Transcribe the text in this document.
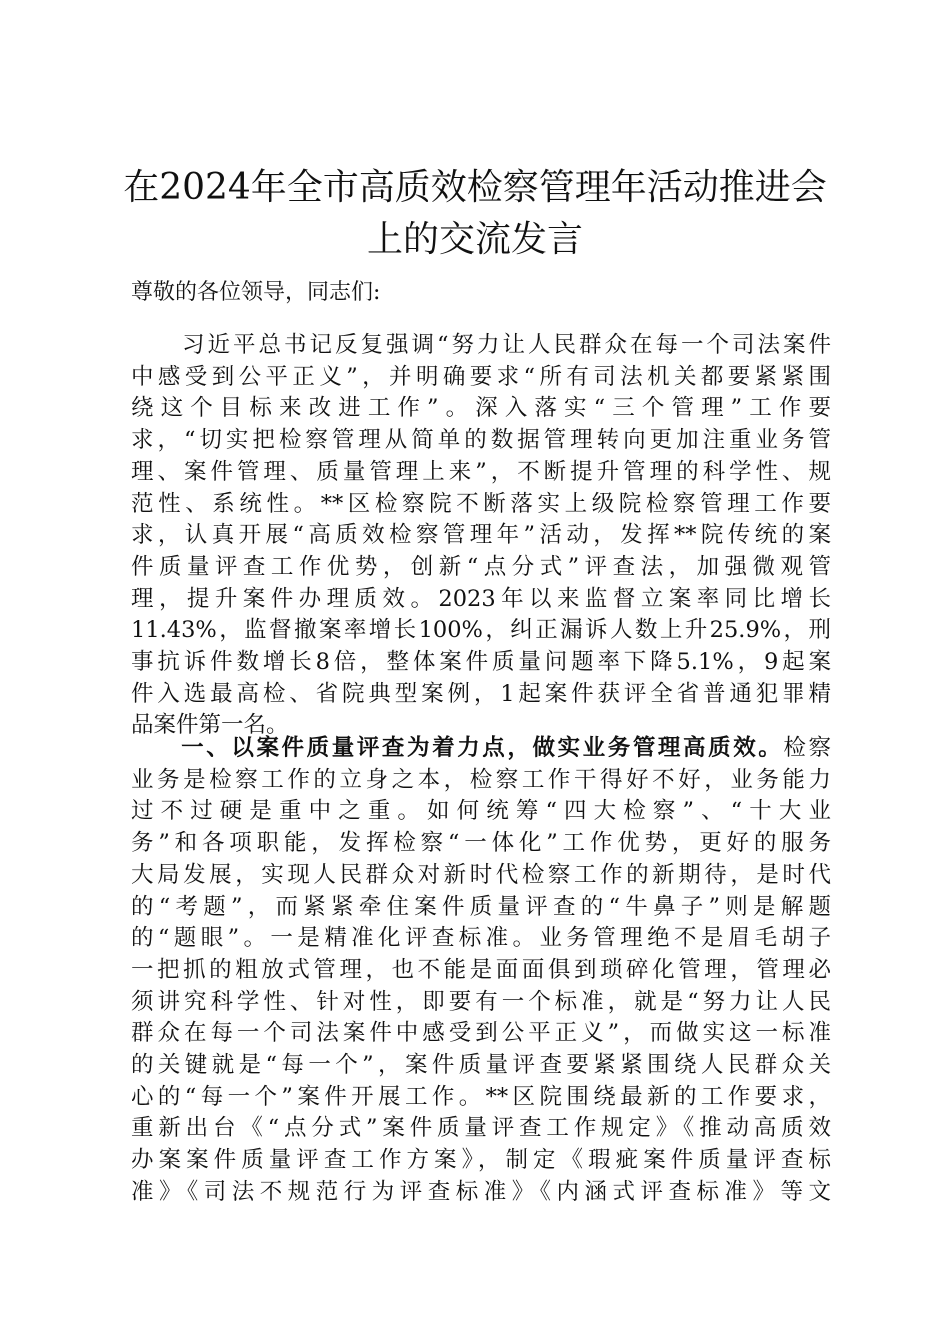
在2024年全市高质效检察管理年活动推进会
上的交流发言
尊敬的各位领导，同志们:
　　习近平总书记反复强调“努力让人民群众在每一个司法案件
中感受到公平正义”，并明确要求“所有司法机关都要紧紧围
绕这个目标来改进工作”。深入落实“三个管理”工作要
求，“切实把检察管理从简单的数据管理转向更加注重业务管
理、案件管理、质量管理上来”，不断提升管理的科学性、规
范性、系统性。**区检察院不断落实上级院检察管理工作要
求，认真开展“高质效检察管理年”活动，发挥**院传统的案
件质量评查工作优势，创新“点分式”评查法，加强微观管
理，提升案件办理质效。2023年以来监督立案率同比增长
11.43%，监督撤案率增长100%，纠正漏诉人数上升25.9%，刑
事抗诉件数增长8倍，整体案件质量问题率下降5.1%，9起案
件入选最高检、省院典型案例，1起案件获评全省普通犯罪精
品案件第一名。
　　一、以案件质量评查为着力点，做实业务管理高质效。检察
业务是检察工作的立身之本，检察工作干得好不好，业务能力
过不过硬是重中之重。如何统筹“四大检察”、“十大业
务”和各项职能，发挥检察“一体化”工作优势，更好的服务
大局发展，实现人民群众对新时代检察工作的新期待，是时代
的“考题”，而紧紧牵住案件质量评查的“牛鼻子”则是解题
的“题眼”。一是精准化评查标准。业务管理绝不是眉毛胡子
一把抓的粗放式管理，也不能是面面俱到琐碎化管理，管理必
须讲究科学性、针对性，即要有一个标准，就是“努力让人民
群众在每一个司法案件中感受到公平正义”，而做实这一标准
的关键就是“每一个”，案件质量评查要紧紧围绕人民群众关
心的“每一个”案件开展工作。**区院围绕最新的工作要求，
重新出台《“点分式”案件质量评查工作规定》《推动高质效
办案案件质量评查工作方案》，制定《瑕疵案件质量评查标
准》《司法不规范行为评查标准》《内涵式评查标准》等文
